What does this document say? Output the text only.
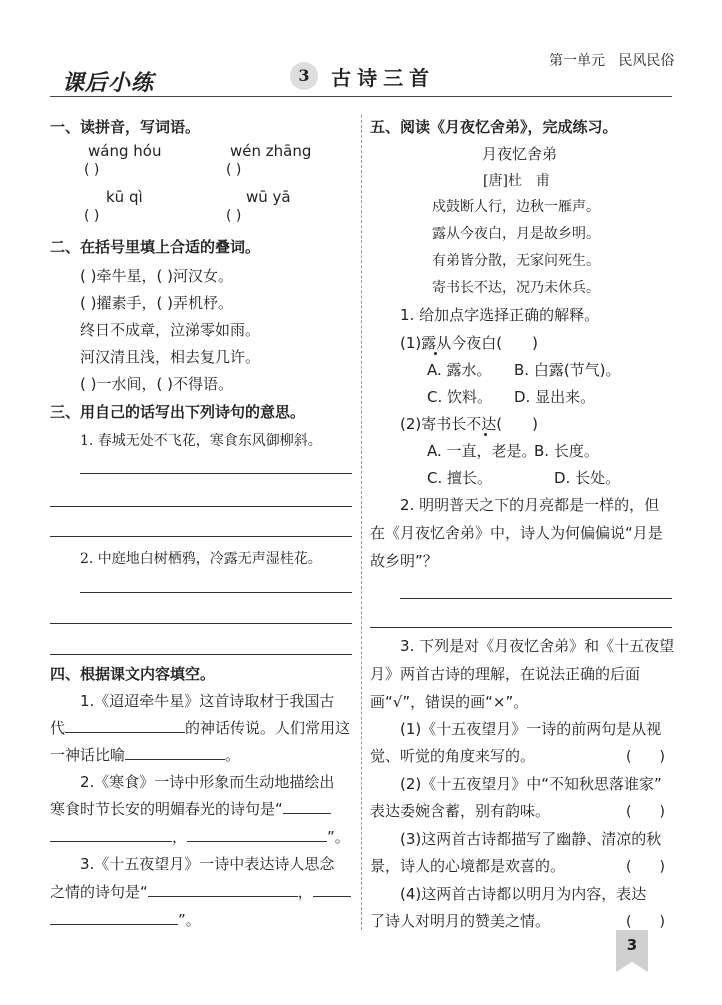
课后小练	3 古诗三首
第一单元 民风民俗
一、读拼音，写词语。
wáng hóu	wén zhāng
( )	( )
kū qì	wū yā
( )	( )
二、在括号里填上合适的叠词。
( )牵牛星，( )河汉女。
( )擢素手，( )弄机杼。
终日不成章，泣涕零如雨。
河汉清且浅，相去复几许。
( )一水间，( )不得语。
三、用自己的话写出下列诗句的意思。
1. 春城无处不飞花，寒食东风御柳斜。
2. 中庭地白树栖鸦，冷露无声湿桂花。
四、根据课文内容填空。
1.《迢迢牵牛星》这首诗取材于我国古
代	的神话传说。人们常用这
一神话比喻	。
2.《寒食》一诗中形象而生动地描绘出
寒食时节长安的明媚春光的诗句是“
，	”。
3.《十五夜望月》一诗中表达诗人思念
之情的诗句是“	，
”。
五、阅读《月夜忆舍弟》，完成练习。
月夜忆舍弟
[唐]杜　甫
戍鼓断人行，边秋一雁声。
露从今夜白，月是故乡明。
有弟皆分散，无家问死生。
寄书长不达，况乃未休兵。
1. 给加点字选择正确的解释。
(1)露从今夜白(　　)
A. 露水。 B. 白露(节气)。
C. 饮料。 D. 显出来。
(2)寄书长不达(　　)
A. 一直，老是。
B. 长度。
C. 擅长。	D. 长处。
2. 明明普天之下的月亮都是一样的，但
在《月夜忆舍弟》中，诗人为何偏偏说“月是
故乡明”？
3. 下列是对《月夜忆舍弟》和《十五夜望
月》两首古诗的理解，在说法正确的后面
画“√”，错误的画“×”。
(1)《十五夜望月》一诗的前两句是从视
觉、听觉的角度来写的。	(　　)
(2)《十五夜望月》中“不知秋思落谁家”
表达委婉含蓄，别有韵味。	(　　)
(3)这两首古诗都描写了幽静、清凉的秋
景，诗人的心境都是欢喜的。	(　　)
(4)这两首古诗都以明月为内容，表达
了诗人对明月的赞美之情。	(　　)
3
